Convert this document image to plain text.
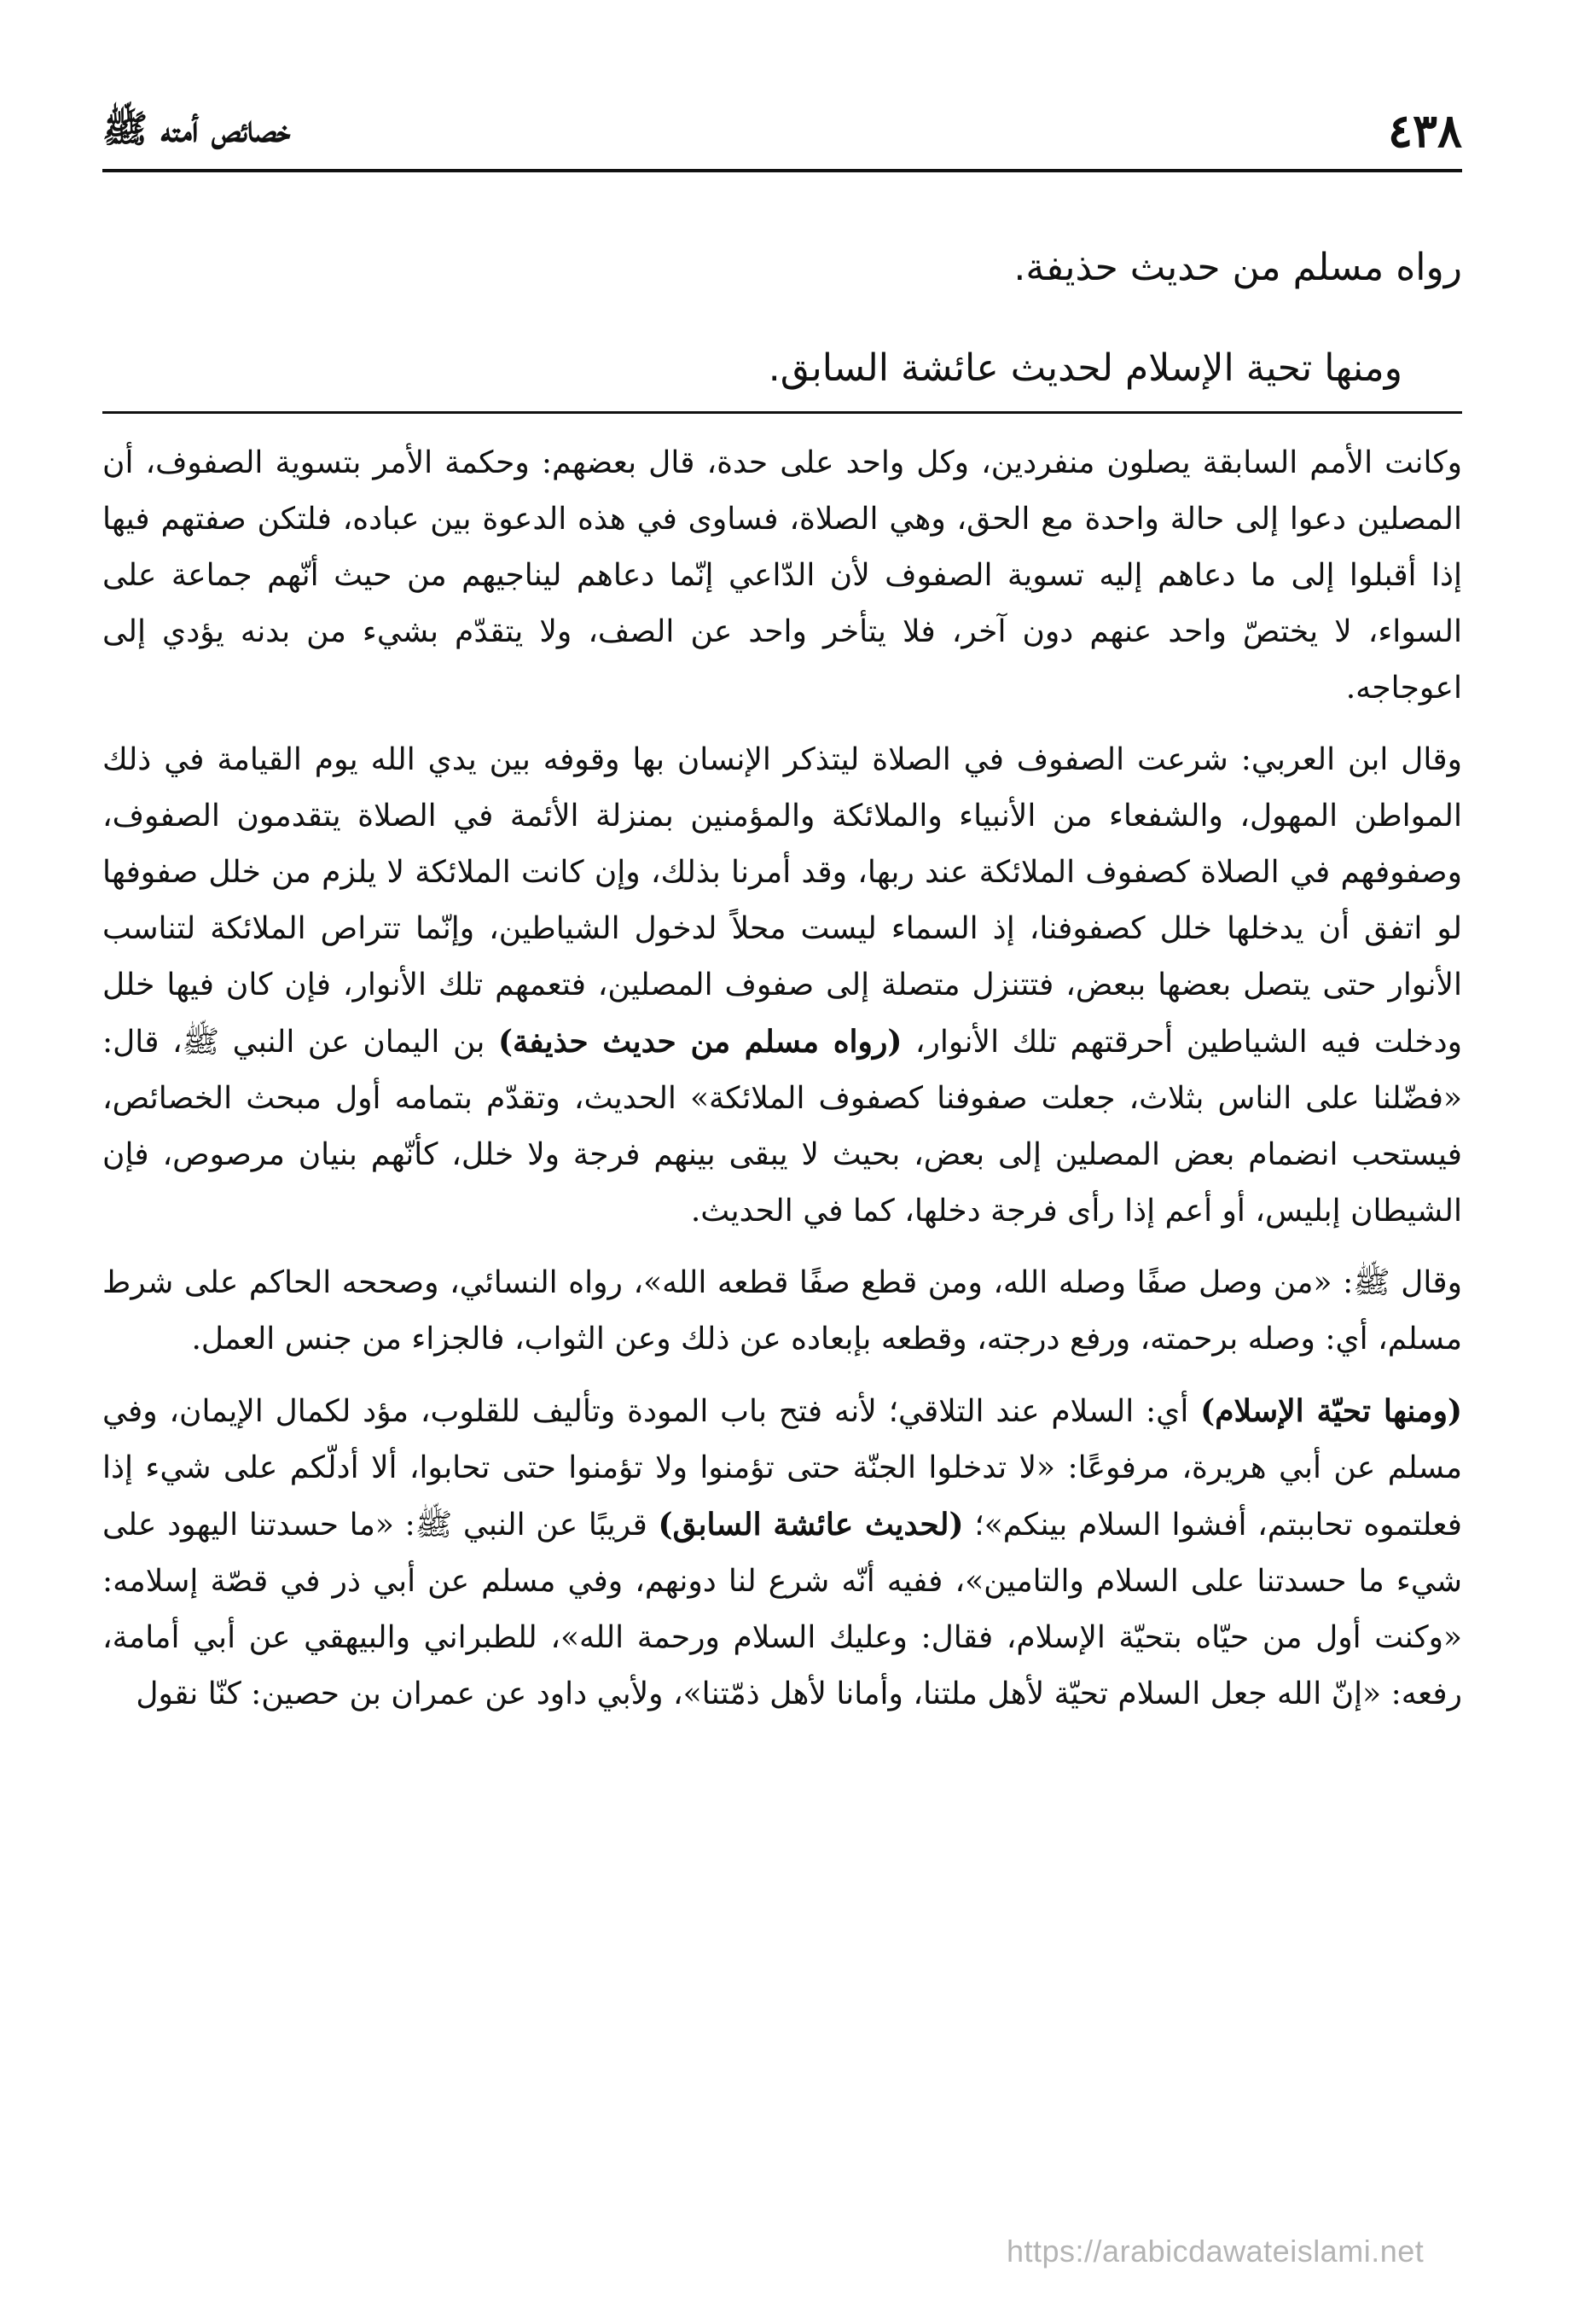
٤٣٨
خصائص أمته ﷺ

رواه مسلم من حديث حذيفة.

ومنها تحية الإسلام لحديث عائشة السابق.

وكانت الأمم السابقة يصلون منفردين، وكل واحد على حدة، قال بعضهم: وحكمة الأمر بتسوية الصفوف، أن المصلين دعوا إلى حالة واحدة مع الحق، وهي الصلاة، فساوى في هذه الدعوة بين عباده، فلتكن صفتهم فيها إذا أقبلوا إلى ما دعاهم إليه تسوية الصفوف لأن الدّاعي إنّما دعاهم ليناجيهم من حيث أنّهم جماعة على السواء، لا يختصّ واحد عنهم دون آخر، فلا يتأخر واحد عن الصف، ولا يتقدّم بشيء من بدنه يؤدي إلى اعوجاجه.

وقال ابن العربي: شرعت الصفوف في الصلاة ليتذكر الإنسان بها وقوفه بين يدي الله يوم القيامة في ذلك المواطن المهول، والشفعاء من الأنبياء والملائكة والمؤمنين بمنزلة الأئمة في الصلاة يتقدمون الصفوف، وصفوفهم في الصلاة كصفوف الملائكة عند ربها، وقد أمرنا بذلك، وإن كانت الملائكة لا يلزم من خلل صفوفها لو اتفق أن يدخلها خلل كصفوفنا، إذ السماء ليست محلاً لدخول الشياطين، وإنّما تتراص الملائكة لتناسب الأنوار حتى يتصل بعضها ببعض، فتتنزل متصلة إلى صفوف المصلين، فتعمهم تلك الأنوار، فإن كان فيها خلل ودخلت فيه الشياطين أحرقتهم تلك الأنوار، (رواه مسلم من حديث حذيفة) بن اليمان عن النبي ﷺ، قال: «فضّلنا على الناس بثلاث، جعلت صفوفنا كصفوف الملائكة» الحديث، وتقدّم بتمامه أول مبحث الخصائص، فيستحب انضمام بعض المصلين إلى بعض، بحيث لا يبقى بينهم فرجة ولا خلل، كأنّهم بنيان مرصوص، فإن الشيطان إبليس، أو أعم إذا رأى فرجة دخلها، كما في الحديث.

وقال ﷺ: «من وصل صفًا وصله الله، ومن قطع صفًا قطعه الله»، رواه النسائي، وصححه الحاكم على شرط مسلم، أي: وصله برحمته، ورفع درجته، وقطعه بإبعاده عن ذلك وعن الثواب، فالجزاء من جنس العمل.

(ومنها تحيّة الإسلام) أي: السلام عند التلاقي؛ لأنه فتح باب المودة وتأليف للقلوب، مؤد لكمال الإيمان، وفي مسلم عن أبي هريرة، مرفوعًا: «لا تدخلوا الجنّة حتى تؤمنوا ولا تؤمنوا حتى تحابوا، ألا أدلّكم على شيء إذا فعلتموه تحاببتم، أفشوا السلام بينكم»؛ (لحديث عائشة السابق) قريبًا عن النبي ﷺ: «ما حسدتنا اليهود على شيء ما حسدتنا على السلام والتامين»، ففيه أنّه شرع لنا دونهم، وفي مسلم عن أبي ذر في قصّة إسلامه: «وكنت أول من حيّاه بتحيّة الإسلام، فقال: وعليك السلام ورحمة الله»، للطبراني والبيهقي عن أبي أمامة، رفعه: «إنّ الله جعل السلام تحيّة لأهل ملتنا، وأمانا لأهل ذمّتنا»، ولأبي داود عن عمران بن حصين: كنّا نقول

https://arabicdawateislami.net
